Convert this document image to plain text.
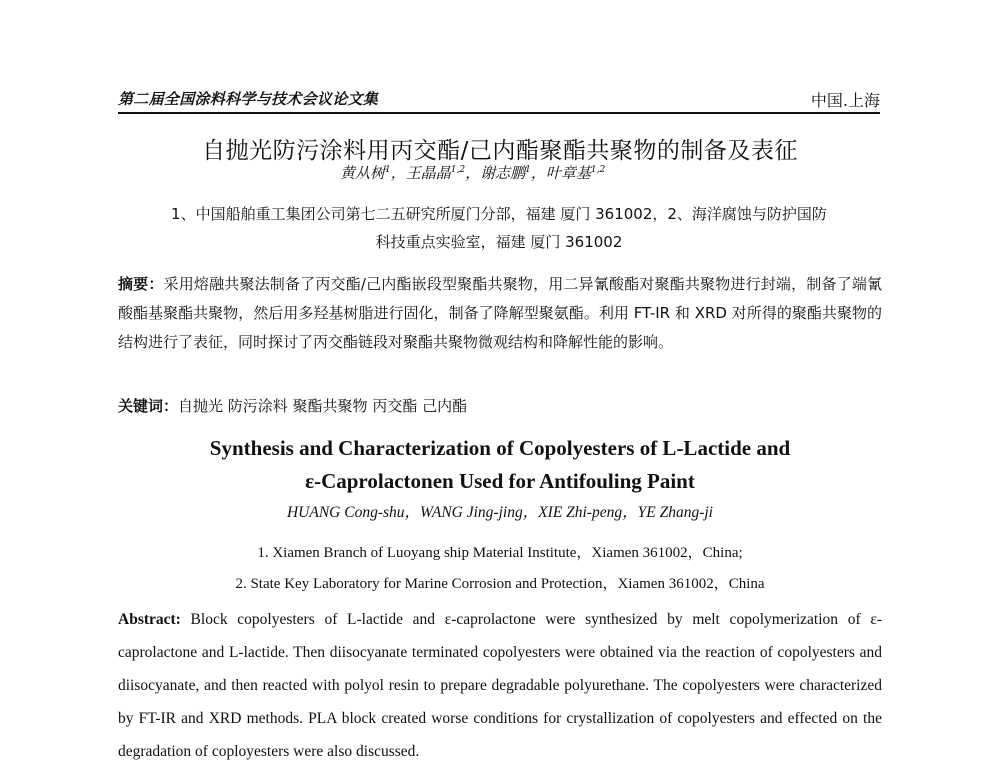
第二届全国涂料科学与技术会议论文集	中国.上海
自抛光防污涂料用丙交酯/己内酯聚酯共聚物的制备及表征
黄从树$^1$，王晶晶$^{1,2}$，谢志鹏$^1$，叶章基$^{1,2}$
1、中国船舶重工集团公司第七二五研究所厦门分部，福建 厦门 361002，2、海洋腐蚀与防护国防
科技重点实验室，福建 厦门 361002
摘要：采用熔融共聚法制备了丙交酯/己内酯嵌段型聚酯共聚物，用二异氰酸酯对聚酯共聚物进行封端，制备了端氰酸酯基聚酯共聚物，然后用多羟基树脂进行固化，制备了降解型聚氨酯。利用 FT-IR 和 XRD 对所得的聚酯共聚物的结构进行了表征，同时探讨了丙交酯链段对聚酯共聚物微观结构和降解性能的影响。
关键词：自抛光 防污涂料 聚酯共聚物 丙交酯 己内酯
Synthesis and Characterization of Copolyesters of L-Lactide and
ε-Caprolactonen Used for Antifouling Paint
HUANG Cong-shu，WANG Jing-jing，XIE Zhi-peng，YE Zhang-ji
1. Xiamen Branch of Luoyang ship Material Institute，Xiamen 361002，China;
2. State Key Laboratory for Marine Corrosion and Protection，Xiamen 361002，China
Abstract: Block copolyesters of L-lactide and ε-caprolactone were synthesized by melt copolymerization of ε-caprolactone and L-lactide. Then diisocyanate terminated copolyesters were obtained via the reaction of copolyesters and diisocyanate, and then reacted with polyol resin to prepare degradable polyurethane. The copolyesters were characterized by FT-IR and XRD methods. PLA block created worse conditions for crystallization of copolyesters and effected on the degradation of coployesters were also discussed.
